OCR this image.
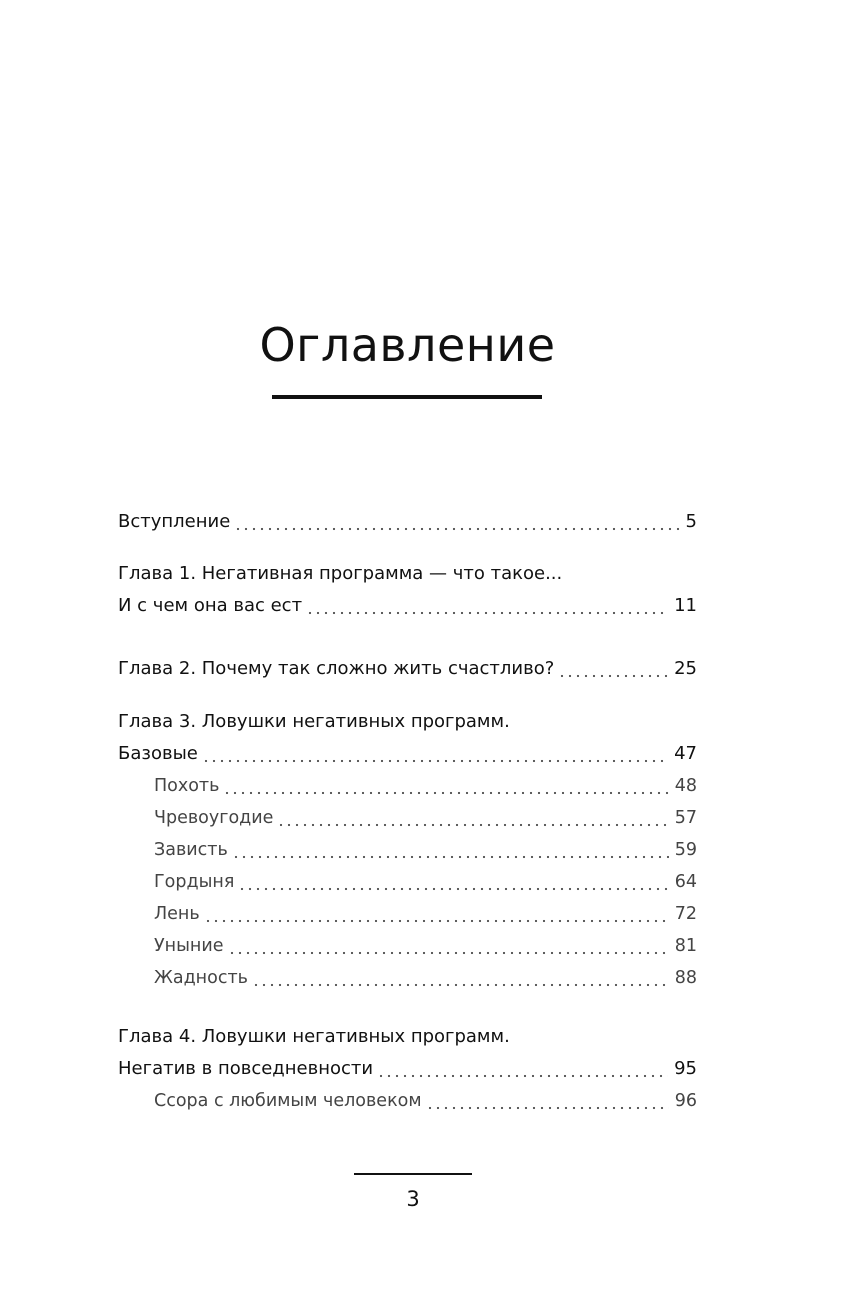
Оглавление
Вступление	5
Глава 1. Негативная программа — что такое...
И с чем она вас ест	11
Глава 2. Почему так сложно жить счастливо?	25
Глава 3. Ловушки негативных программ.
Базовые	47
Похоть	48
Чревоугодие	57
Зависть	59
Гордыня	64
Лень	72
Уныние	81
Жадность	88
Глава 4. Ловушки негативных программ.
Негатив в повседневности	95
Ссора с любимым человеком	96
3
